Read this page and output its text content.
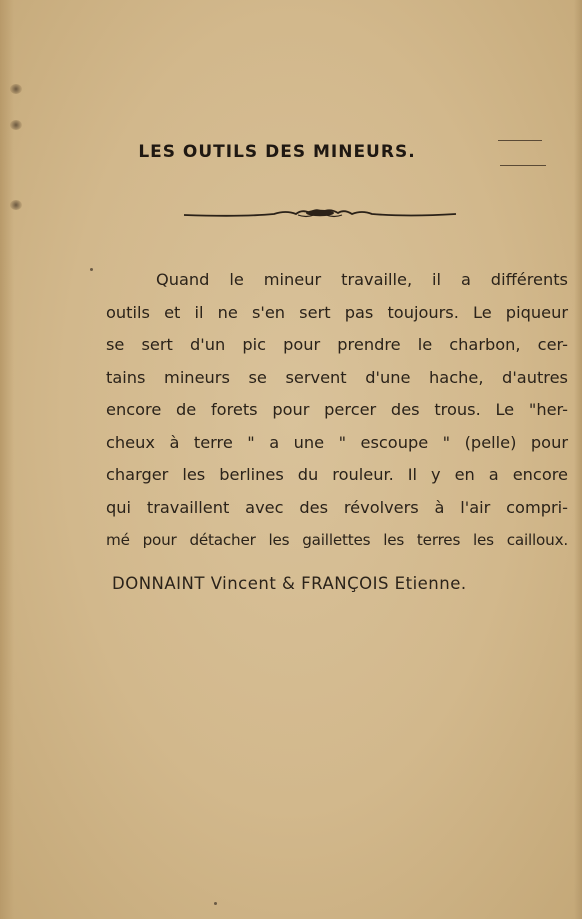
LES OUTILS DES MINEURS.
Quand le mineur travaille, il a différents
outils et il ne s'en sert pas toujours. Le piqueur
se sert d'un pic pour prendre le charbon, cer-
tains mineurs se servent d'une hache, d'autres
encore de forets pour percer des trous. Le "her-
cheux à terre " a une " escoupe " (pelle) pour
charger les berlines du rouleur. Il y en a encore
qui travaillent avec des révolvers à l'air compri-
mé pour détacher les gaillettes les terres les cailloux.
DONNAINT Vincent & FRANÇOIS Etienne.
